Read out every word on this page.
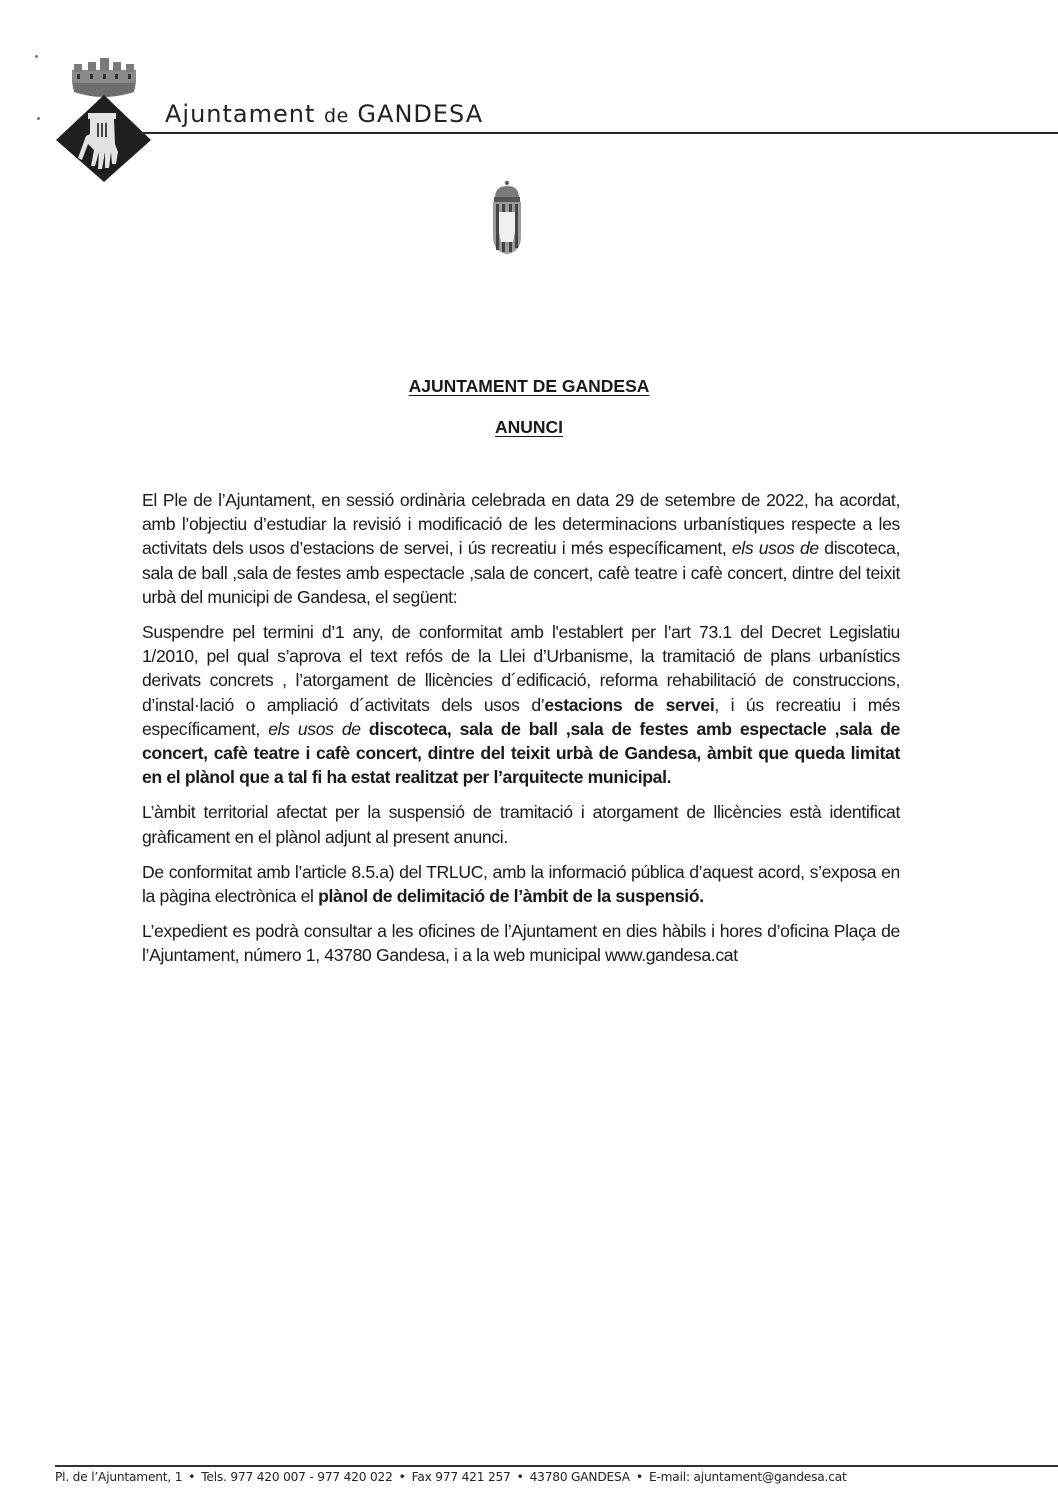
Ajuntament de GANDESA
AJUNTAMENT DE GANDESA
ANUNCI

El Ple de l’Ajuntament, en sessió ordinària celebrada en data 29 de setembre de 2022, ha acordat, amb l’objectiu d’estudiar la revisió i modificació de les determinacions urbanístiques respecte a les activitats dels usos d’estacions de servei, i ús recreatiu i més específicament, els usos de discoteca, sala de ball ,sala de festes amb espectacle ,sala de concert, cafè teatre i cafè concert, dintre del teixit urbà del municipi de Gandesa, el següent:

Suspendre pel termini d’1 any, de conformitat amb l'establert per l’art 73.1 del Decret Legislatiu 1/2010, pel qual s’aprova el text refós de la Llei d’Urbanisme, la tramitació de plans urbanístics derivats concrets , l’atorgament de llicències d´edificació, reforma rehabilitació de construccions, d’instal·lació o ampliació d´activitats dels usos d’estacions de servei, i ús recreatiu i més específicament, els usos de discoteca, sala de ball ,sala de festes amb espectacle ,sala de concert, cafè teatre i cafè concert, dintre del teixit urbà de Gandesa, àmbit que queda limitat en el plànol que a tal fi ha estat realitzat per l’arquitecte municipal.

L’àmbit territorial afectat per la suspensió de tramitació i atorgament de llicències està identificat gràficament en el plànol adjunt al present anunci.

De conformitat amb l’article 8.5.a) del TRLUC, amb la informació pública d’aquest acord, s’exposa en la pàgina electrònica el plànol de delimitació de l’àmbit de la suspensió.

L’expedient es podrà consultar a les oficines de l’Ajuntament en dies hàbils i hores d’oficina Plaça de l’Ajuntament, número 1, 43780 Gandesa, i a la web municipal www.gandesa.cat

Pl. de l’Ajuntament, 1 • Tels. 977 420 007 - 977 420 022 • Fax 977 421 257 • 43780 GANDESA • E-mail: ajuntament@gandesa.cat
